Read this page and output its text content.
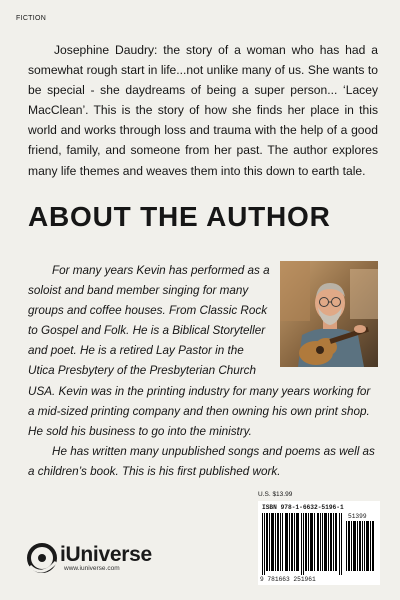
FICTION

Josephine Daudry: the story of a woman who has had a somewhat rough start in life...not unlike many of us. She wants to be special - she daydreams of being a super person... ‘Lacey MacClean’. This is the story of how she finds her place in this world and works through loss and trauma with the help of a good friend, family, and someone from her past. The author explores many life themes and weaves them into this down to earth tale.

ABOUT THE AUTHOR

For many years Kevin has performed as a soloist and band member singing for many groups and coffee houses. From Classic Rock to Gospel and Folk. He is a Biblical Storyteller and poet. He is a retired Lay Pastor in the Utica Presbytery of the Presbyterian Church USA. Kevin was in the printing industry for many years working for a mid-sized printing company and then owning his own print shop. He sold his business to go into the ministry.

He has written many unpublished songs and poems as well as a children’s book. This is his first published work.

U.S. $13.99
ISBN 978-1-6632-5196-1
51399
9 781663 251961
iUniverse
www.iuniverse.com
